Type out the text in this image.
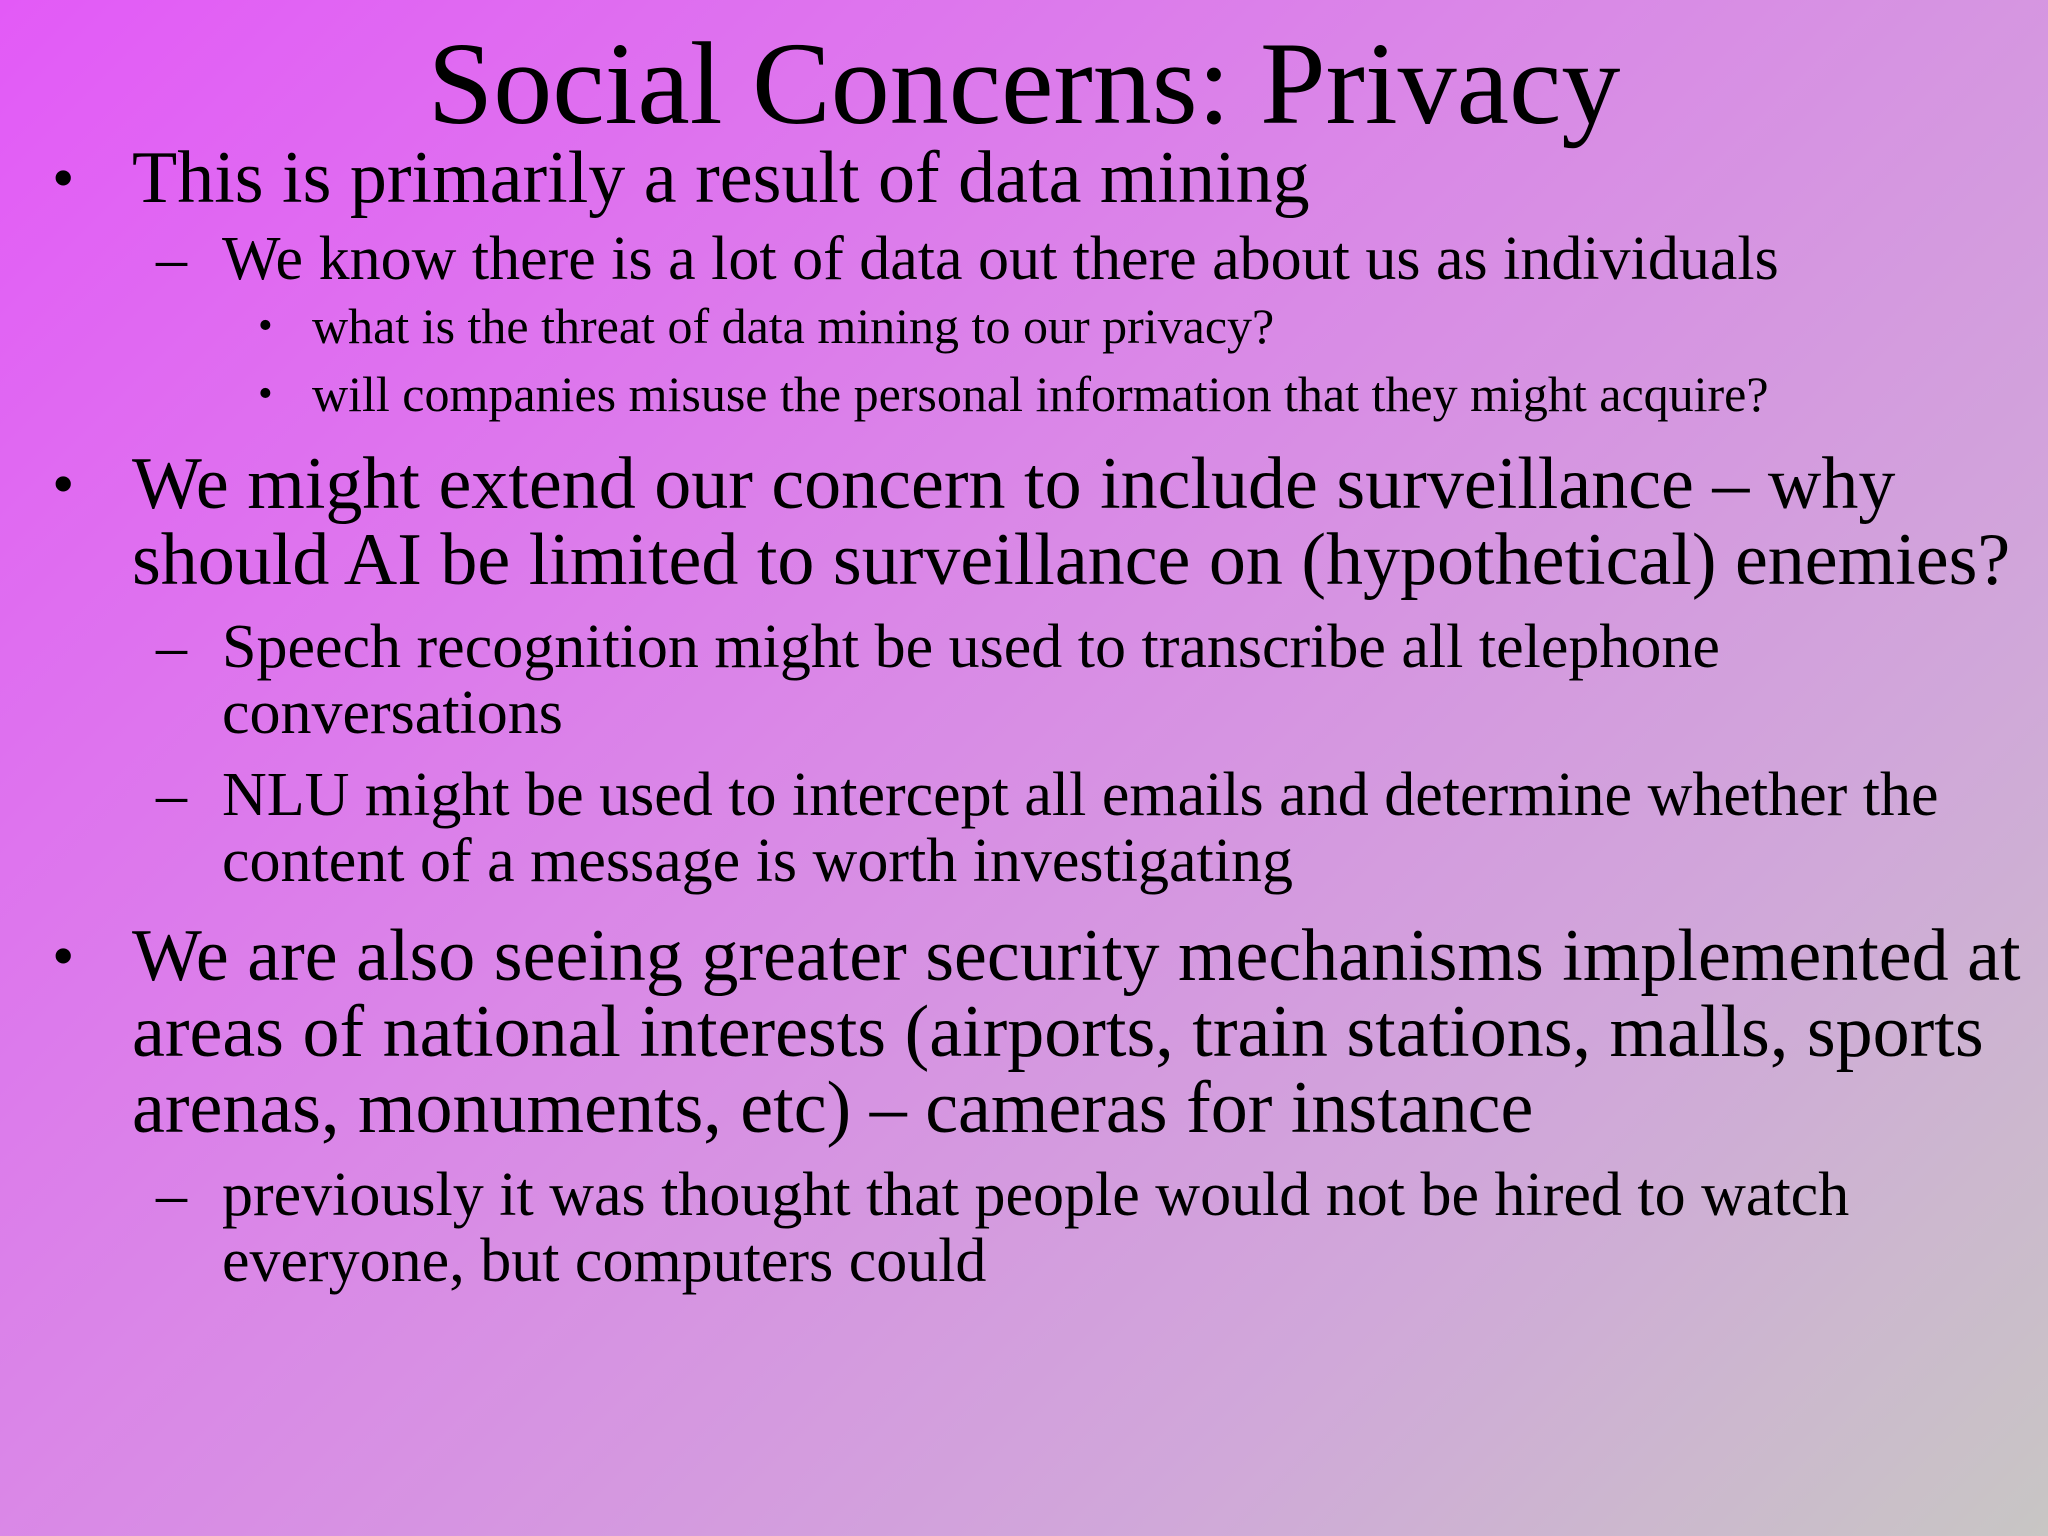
Social Concerns: Privacy
• This is primarily a result of data mining
– We know there is a lot of data out there about us as individuals
• what is the threat of data mining to our privacy?
• will companies misuse the personal information that they might acquire?
• We might extend our concern to include surveillance – why should AI be limited to surveillance on (hypothetical) enemies?
– Speech recognition might be used to transcribe all telephone conversations
– NLU might be used to intercept all emails and determine whether the content of a message is worth investigating
• We are also seeing greater security mechanisms implemented at areas of national interests (airports, train stations, malls, sports arenas, monuments, etc) – cameras for instance
– previously it was thought that people would not be hired to watch everyone, but computers could
